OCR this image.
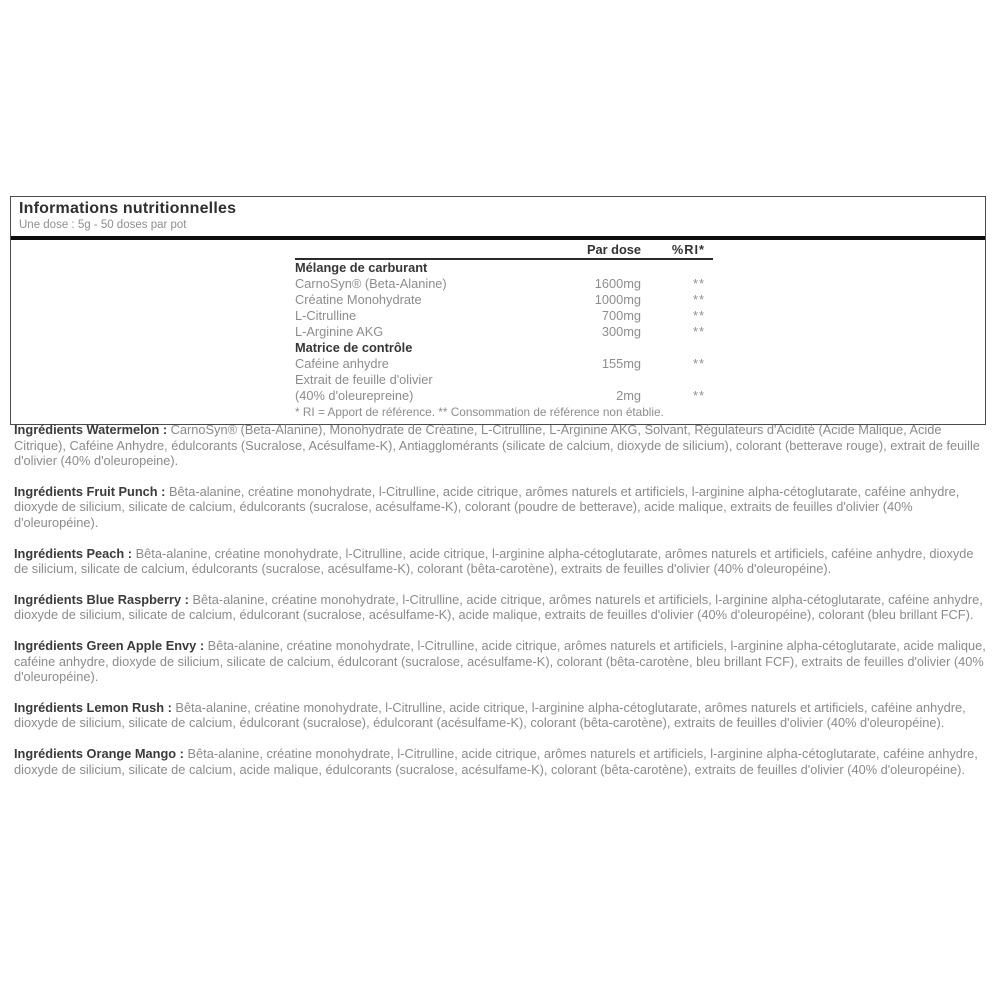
Informations nutritionnelles
Une dose : 5g - 50 doses par pot
Par dose	%RI*
Mélange de carburant
CarnoSyn® (Beta-Alanine)	1600mg	**
Créatine Monohydrate	1000mg	**
L-Citrulline	700mg	**
L-Arginine AKG	300mg	**
Matrice de contrôle
Caféine anhydre	155mg	**
Extrait de feuille d'olivier
(40% d'oleurepreine)	2mg	**
* RI = Apport de référence. ** Consommation de référence non établie.

Ingrédients Watermelon : CarnoSyn® (Beta-Alanine), Monohydrate de Créatine, L-Citrulline, L-Arginine AKG, Solvant, Régulateurs d'Acidité (Acide Malique, Acide Citrique), Caféine Anhydre, édulcorants (Sucralose, Acésulfame-K), Antiagglomérants (silicate de calcium, dioxyde de silicium), colorant (betterave rouge), extrait de feuille d'olivier (40% d'oleuropeine).

Ingrédients Fruit Punch : Bêta-alanine, créatine monohydrate, l-Citrulline, acide citrique, arômes naturels et artificiels, l-arginine alpha-cétoglutarate, caféine anhydre, dioxyde de silicium, silicate de calcium, édulcorants (sucralose, acésulfame-K), colorant (poudre de betterave), acide malique, extraits de feuilles d'olivier (40% d'oleuropéine).

Ingrédients Peach : Bêta-alanine, créatine monohydrate, l-Citrulline, acide citrique, l-arginine alpha-cétoglutarate, arômes naturels et artificiels, caféine anhydre, dioxyde de silicium, silicate de calcium, édulcorants (sucralose, acésulfame-K), colorant (bêta-carotène), extraits de feuilles d'olivier (40% d'oleuropéine).

Ingrédients Blue Raspberry : Bêta-alanine, créatine monohydrate, l-Citrulline, acide citrique, arômes naturels et artificiels, l-arginine alpha-cétoglutarate, caféine anhydre, dioxyde de silicium, silicate de calcium, édulcorant (sucralose, acésulfame-K), acide malique, extraits de feuilles d'olivier (40% d'oleuropéine), colorant (bleu brillant FCF).

Ingrédients Green Apple Envy : Bêta-alanine, créatine monohydrate, l-Citrulline, acide citrique, arômes naturels et artificiels, l-arginine alpha-cétoglutarate, acide malique, caféine anhydre, dioxyde de silicium, silicate de calcium, édulcorant (sucralose, acésulfame-K), colorant (bêta-carotène, bleu brillant FCF), extraits de feuilles d'olivier (40% d'oleuropéine).

Ingrédients Lemon Rush : Bêta-alanine, créatine monohydrate, l-Citrulline, acide citrique, l-arginine alpha-cétoglutarate, arômes naturels et artificiels, caféine anhydre, dioxyde de silicium, silicate de calcium, édulcorant (sucralose), édulcorant (acésulfame-K), colorant (bêta-carotène), extraits de feuilles d'olivier (40% d'oleuropéine).

Ingrédients Orange Mango : Bêta-alanine, créatine monohydrate, l-Citrulline, acide citrique, arômes naturels et artificiels, l-arginine alpha-cétoglutarate, caféine anhydre, dioxyde de silicium, silicate de calcium, acide malique, édulcorants (sucralose, acésulfame-K), colorant (bêta-carotène), extraits de feuilles d'olivier (40% d'oleuropéine).
